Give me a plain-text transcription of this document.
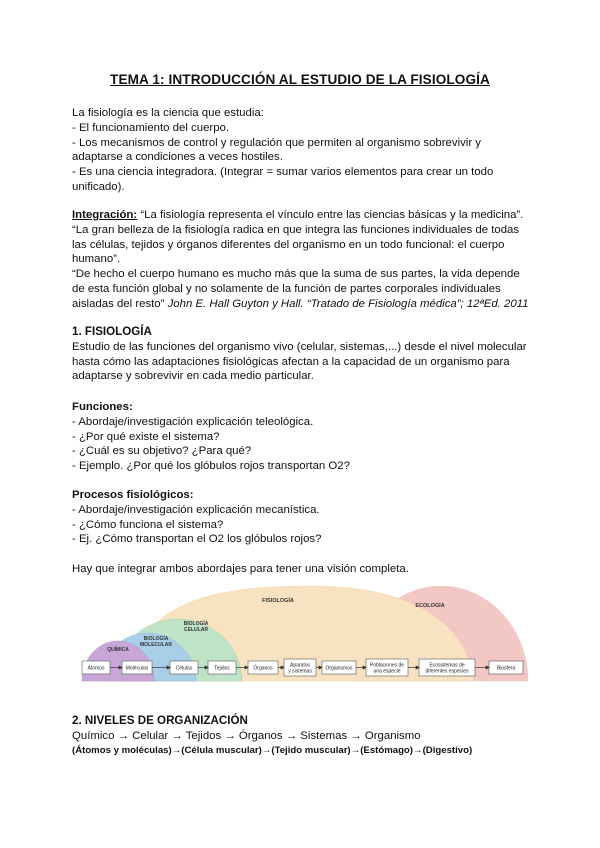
TEMA 1: INTRODUCCIÓN AL ESTUDIO DE LA FISIOLOGÍA

La fisiología es la ciencia que estudia:

- El funcionamiento del cuerpo.

- Los mecanismos de control y regulación que permiten al organismo sobrevivir y adaptarse a condiciones a veces hostiles.

- Es una ciencia integradora. (Integrar = sumar varios elementos para crear un todo unificado).

Integración: “La fisiología representa el vínculo entre las ciencias básicas y la medicina”.

“La gran belleza de la fisiología radica en que integra las funciones individuales de todas las células, tejidos y órganos diferentes del organismo en un todo funcional: el cuerpo humano”.

“De hecho el cuerpo humano es mucho más que la suma de sus partes, la vida depende de esta función global y no solamente de la función de partes corporales individuales aisladas del resto” John E. Hall Guyton y Hall. “Tratado de Fisiología médica”; 12ªEd. 2011

1. FISIOLOGÍA

Estudio de las funciones del organismo vivo (celular, sistemas,...) desde el nivel molecular hasta cómo las adaptaciones fisiológicas afectan a la capacidad de un organismo para adaptarse y sobrevivir en cada medio particular.

Funciones:

- Abordaje/investigación explicación teleológica.

- ¿Por qué existe el sistema?

- ¿Cuál es su objetivo? ¿Para qué?

- Ejemplo. ¿Por qué los glóbulos rojos transportan O2?

Procesos fisiológicos:

- Abordaje/investigación explicación mecanística.

- ¿Cómo funciona el sistema?

- Ej. ¿Cómo transportan el O2 los glóbulos rojos?

Hay que integrar ambos abordajes para tener una visión completa.
QUÍMICA
BIOLOGÍA
MOLECULAR
BIOLOGÍA
CELULAR
FISIOLOGÍA
ECOLOGÍA
Átomos	Moléculas	Células	Tejidos	Órganos	Aparatos
y sistemas	Organismos	Poblaciones de
una especie
Ecosistemas de
diferentes especies	Biosfera

2. NIVELES DE ORGANIZACIÓN

Químico → Celular → Tejidos → Órganos → Sistemas → Organismo

(Átomos y moléculas)→(Célula muscular)→(Tejido muscular)→(Estómago)→(Digestivo)
